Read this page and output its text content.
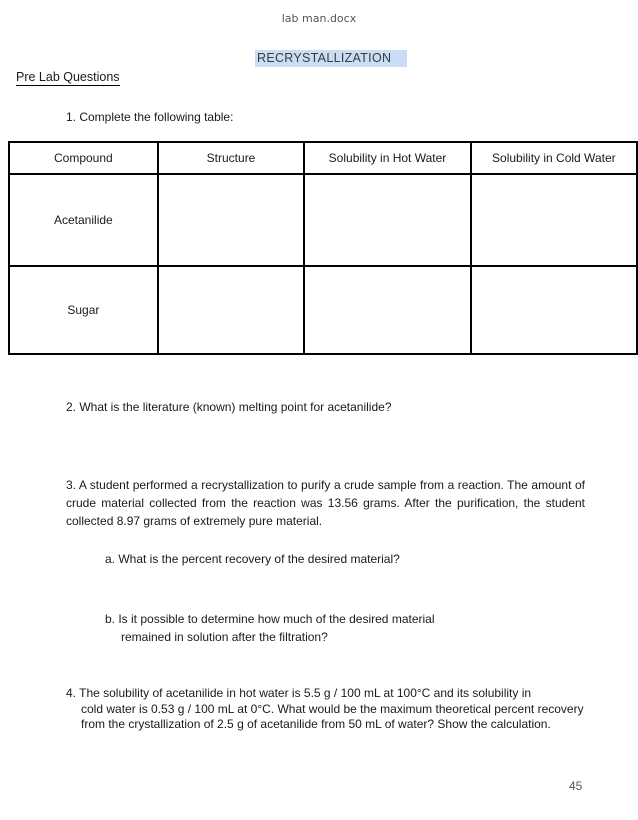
lab man.docx
RECRYSTALLIZATION
Pre Lab Questions
1. Complete the following table:
Compound	Structure	Solubility in Hot Water	Solubility in Cold Water
Acetanilide			
Sugar			
2. What is the literature (known) melting point for acetanilide?
3. A student performed a recrystallization to purify a crude sample from a reaction. The amount of crude material collected from the reaction was 13.56 grams. After the purification, the student collected 8.97 grams of extremely pure material.
a. What is the percent recovery of the desired material?
b. Is it possible to determine how much of the desired material
remained in solution after the filtration?
4. The solubility of acetanilide in hot water is 5.5 g / 100 mL at 100°C and its solubility in
cold water is 0.53 g / 100 mL at 0°C. What would be the maximum theoretical percent recovery from the crystallization of 2.5 g of acetanilide from 50 mL of water? Show the calculation.
45
